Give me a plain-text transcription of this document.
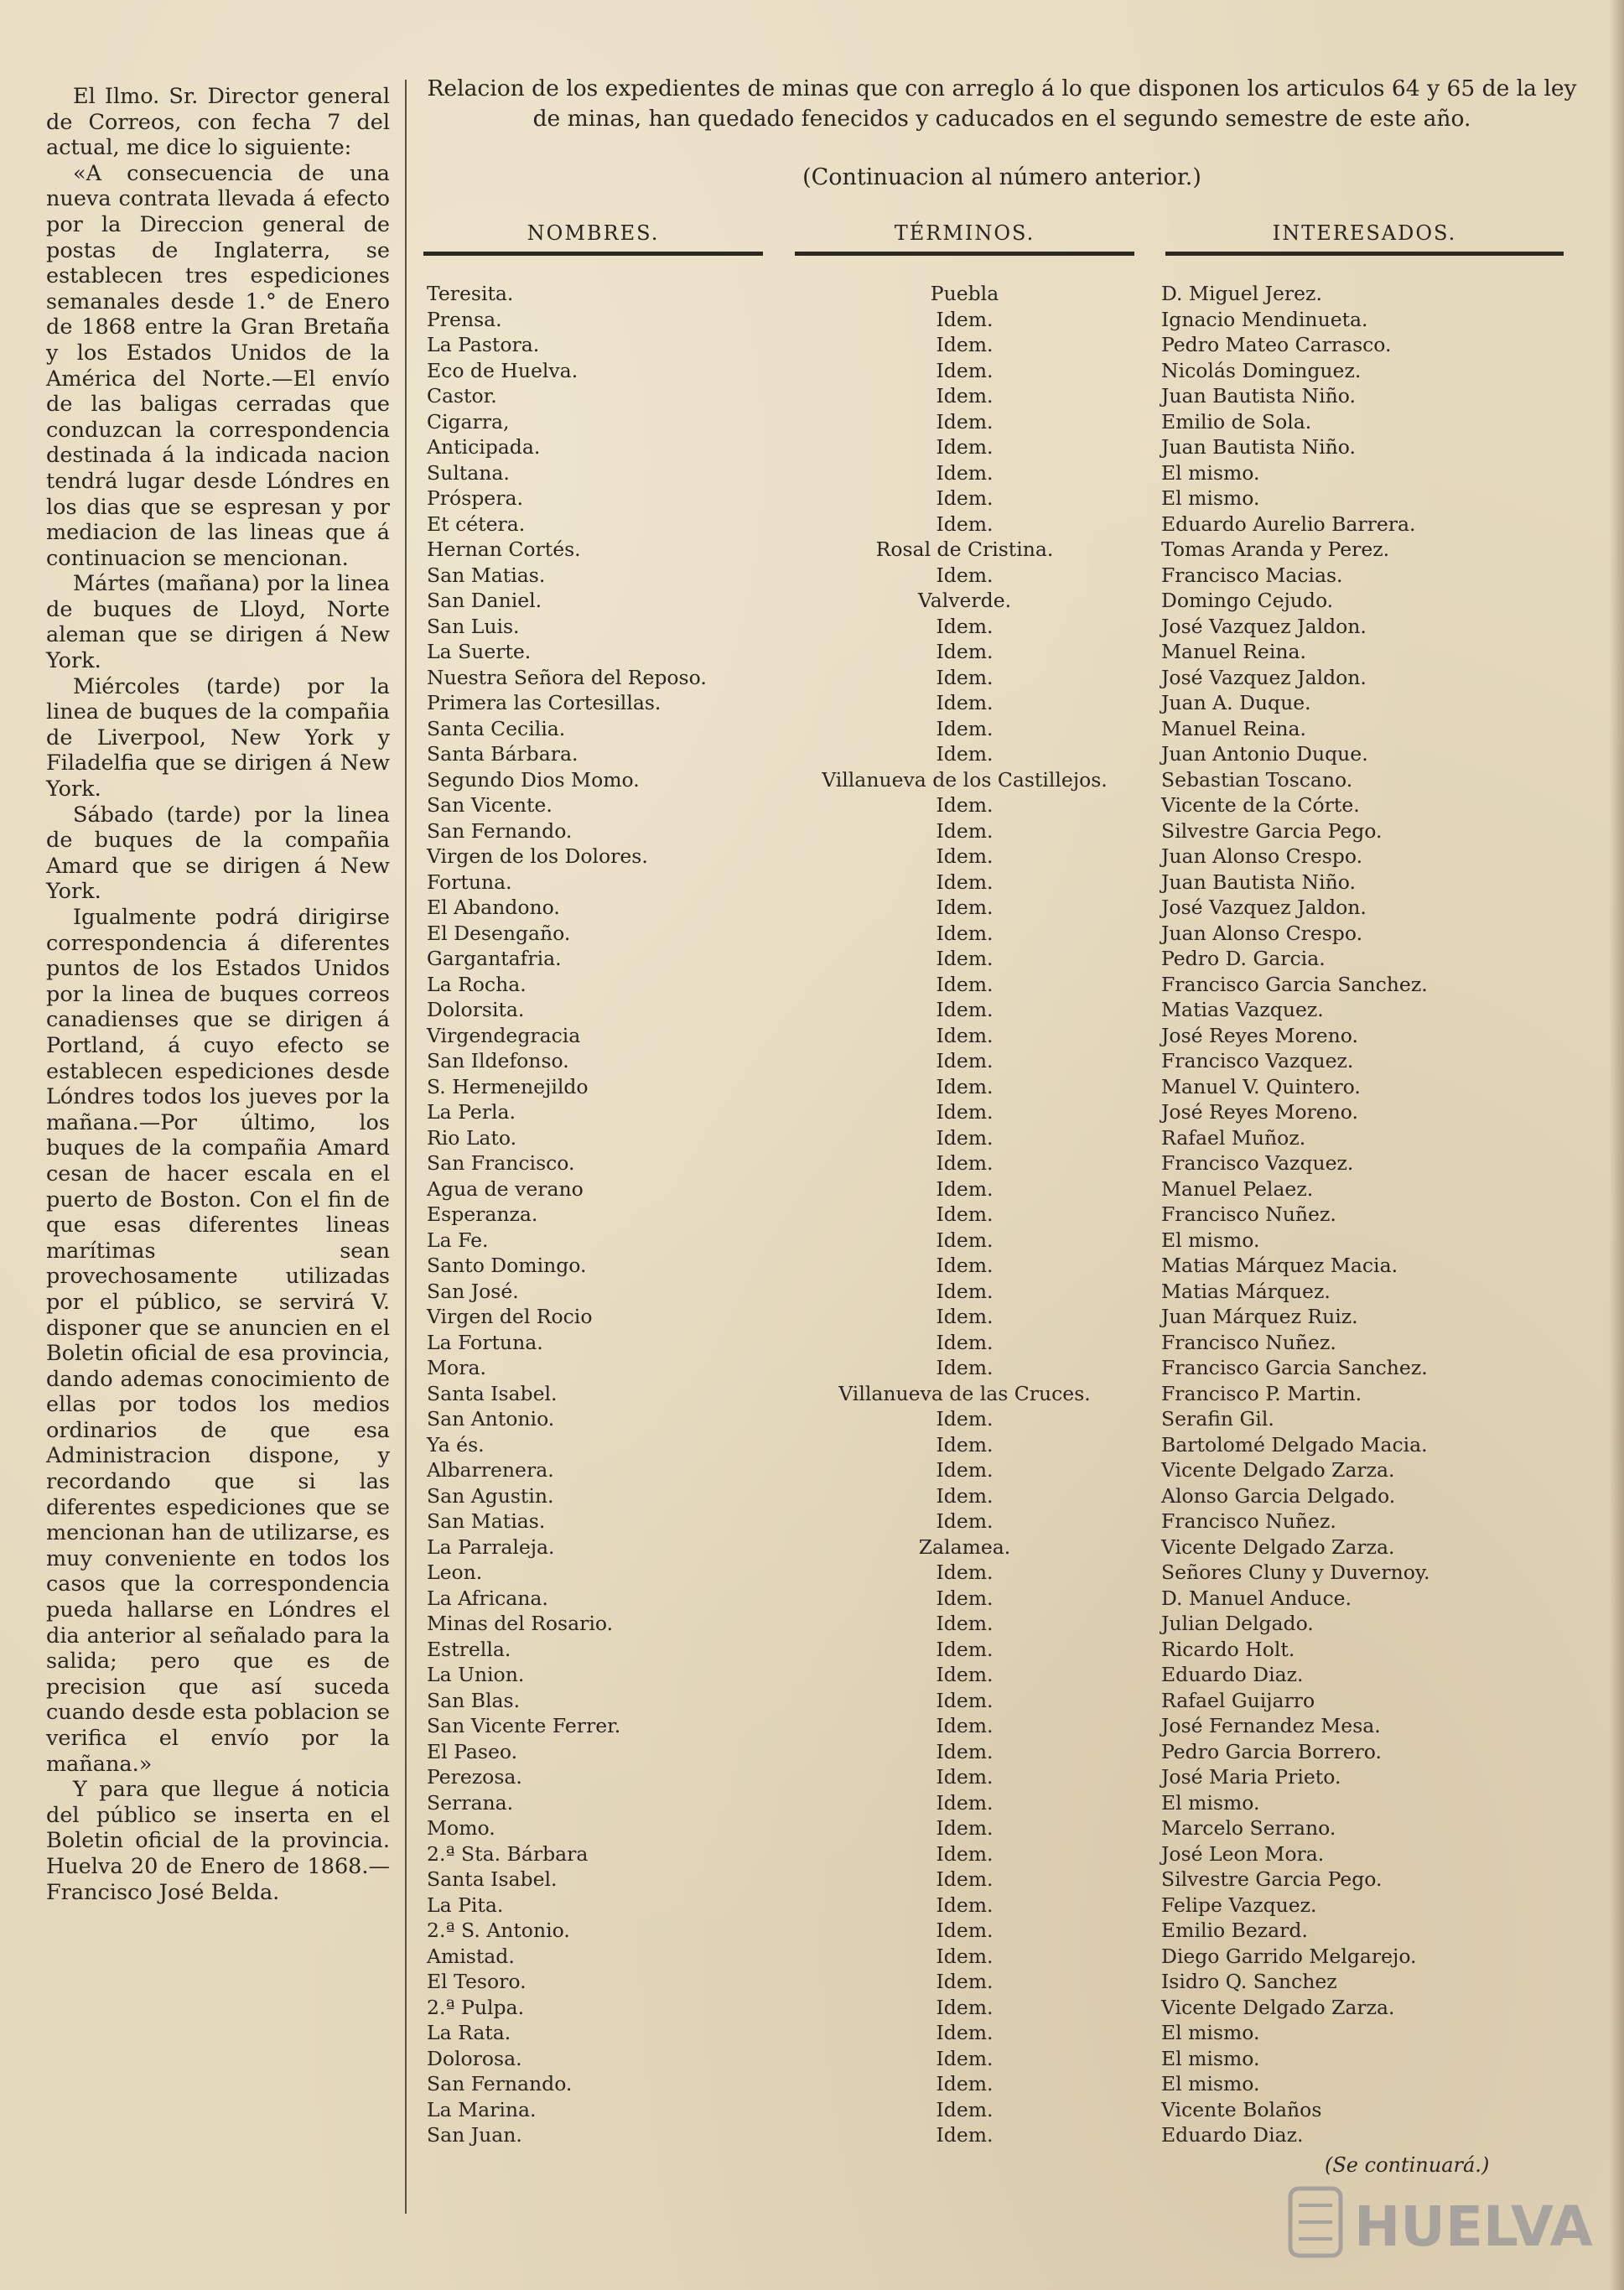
El Ilmo. Sr. Director general de Correos, con fecha 7 del actual, me dice lo siguiente:

«A consecuencia de una nueva contrata llevada á efecto por la Direccion general de postas de Inglaterra, se establecen tres espediciones semanales desde 1.° de Enero de 1868 entre la Gran Bretaña y los Estados Unidos de la América del Norte.—El envío de las baligas cerradas que conduzcan la correspondencia destinada á la indicada nacion tendrá lugar desde Lóndres en los dias que se espresan y por mediacion de las lineas que á continuacion se mencionan.

Mártes (mañana) por la linea de buques de Lloyd, Norte aleman que se dirigen á New York.

Miércoles (tarde) por la linea de buques de la compañia de Liverpool, New York y Filadelfia que se dirigen á New York.

Sábado (tarde) por la linea de buques de la compañia Amard que se dirigen á New York.

Igualmente podrá dirigirse correspondencia á diferentes puntos de los Estados Unidos por la linea de buques correos canadienses que se dirigen á Portland, á cuyo efecto se establecen espediciones desde Lóndres todos los jueves por la mañana.—Por último, los buques de la compañia Amard cesan de hacer escala en el puerto de Boston. Con el fin de que esas diferentes lineas marítimas sean provechosamente utilizadas por el público, se servirá V. disponer que se anuncien en el Boletin oficial de esa provincia, dando ademas conocimiento de ellas por todos los medios ordinarios de que esa Administracion dispone, y recordando que si las diferentes espediciones que se mencionan han de utilizarse, es muy conveniente en todos los casos que la correspondencia pueda hallarse en Lóndres el dia anterior al señalado para la salida; pero que es de precision que así suceda cuando desde esta poblacion se verifica el envío por la mañana.»

Y para que llegue á noticia del público se inserta en el Boletin oficial de la provincia. Huelva 20 de Enero de 1868.—Francisco José Belda.

Relacion de los expedientes de minas que con arreglo á lo que disponen los articulos 64 y 65 de la ley de minas, han quedado fenecidos y caducados en el segundo semestre de este año.
(Continuacion al número anterior.)
NOMBRES.	TÉRMINOS.	INTERESADOS.
Teresita.	Puebla	D. Miguel Jerez.
Prensa.	Idem.	Ignacio Mendinueta.
La Pastora.	Idem.	Pedro Mateo Carrasco.
Eco de Huelva.	Idem.	Nicolás Dominguez.
Castor.	Idem.	Juan Bautista Niño.
Cigarra,	Idem.	Emilio de Sola.
Anticipada.	Idem.	Juan Bautista Niño.
Sultana.	Idem.	El mismo.
Próspera.	Idem.	El mismo.
Et cétera.	Idem.	Eduardo Aurelio Barrera.
Hernan Cortés.	Rosal de Cristina.	Tomas Aranda y Perez.
San Matias.	Idem.	Francisco Macias.
San Daniel.	Valverde.	Domingo Cejudo.
San Luis.	Idem.	José Vazquez Jaldon.
La Suerte.	Idem.	Manuel Reina.
Nuestra Señora del Reposo.	Idem.	José Vazquez Jaldon.
Primera las Cortesillas.	Idem.	Juan A. Duque.
Santa Cecilia.	Idem.	Manuel Reina.
Santa Bárbara.	Idem.	Juan Antonio Duque.
Segundo Dios Momo.	Villanueva de los Castillejos.	Sebastian Toscano.
San Vicente.	Idem.	Vicente de la Córte.
San Fernando.	Idem.	Silvestre Garcia Pego.
Virgen de los Dolores.	Idem.	Juan Alonso Crespo.
Fortuna.	Idem.	Juan Bautista Niño.
El Abandono.	Idem.	José Vazquez Jaldon.
El Desengaño.	Idem.	Juan Alonso Crespo.
Gargantafria.	Idem.	Pedro D. Garcia.
La Rocha.	Idem.	Francisco Garcia Sanchez.
Dolorsita.	Idem.	Matias Vazquez.
Virgendegracia	Idem.	José Reyes Moreno.
San Ildefonso.	Idem.	Francisco Vazquez.
S. Hermenejildo	Idem.	Manuel V. Quintero.
La Perla.	Idem.	José Reyes Moreno.
Rio Lato.	Idem.	Rafael Muñoz.
San Francisco.	Idem.	Francisco Vazquez.
Agua de verano	Idem.	Manuel Pelaez.
Esperanza.	Idem.	Francisco Nuñez.
La Fe.	Idem.	El mismo.
Santo Domingo.	Idem.	Matias Márquez Macia.
San José.	Idem.	Matias Márquez.
Virgen del Rocio	Idem.	Juan Márquez Ruiz.
La Fortuna.	Idem.	Francisco Nuñez.
Mora.	Idem.	Francisco Garcia Sanchez.
Santa Isabel.	Villanueva de las Cruces.	Francisco P. Martin.
San Antonio.	Idem.	Serafin Gil.
Ya és.	Idem.	Bartolomé Delgado Macia.
Albarrenera.	Idem.	Vicente Delgado Zarza.
San Agustin.	Idem.	Alonso Garcia Delgado.
San Matias.	Idem.	Francisco Nuñez.
La Parraleja.	Zalamea.	Vicente Delgado Zarza.
Leon.	Idem.	Señores Cluny y Duvernoy.
La Africana.	Idem.	D. Manuel Anduce.
Minas del Rosario.	Idem.	Julian Delgado.
Estrella.	Idem.	Ricardo Holt.
La Union.	Idem.	Eduardo Diaz.
San Blas.	Idem.	Rafael Guijarro
San Vicente Ferrer.	Idem.	José Fernandez Mesa.
El Paseo.	Idem.	Pedro Garcia Borrero.
Perezosa.	Idem.	José Maria Prieto.
Serrana.	Idem.	El mismo.
Momo.	Idem.	Marcelo Serrano.
2.ª Sta. Bárbara	Idem.	José Leon Mora.
Santa Isabel.	Idem.	Silvestre Garcia Pego.
La Pita.	Idem.	Felipe Vazquez.
2.ª S. Antonio.	Idem.	Emilio Bezard.
Amistad.	Idem.	Diego Garrido Melgarejo.
El Tesoro.	Idem.	Isidro Q. Sanchez
2.ª Pulpa.	Idem.	Vicente Delgado Zarza.
La Rata.	Idem.	El mismo.
Dolorosa.	Idem.	El mismo.
San Fernando.	Idem.	El mismo.
La Marina.	Idem.	Vicente Bolaños
San Juan.	Idem.	Eduardo Diaz.
(Se continuará.)
HUELVA
